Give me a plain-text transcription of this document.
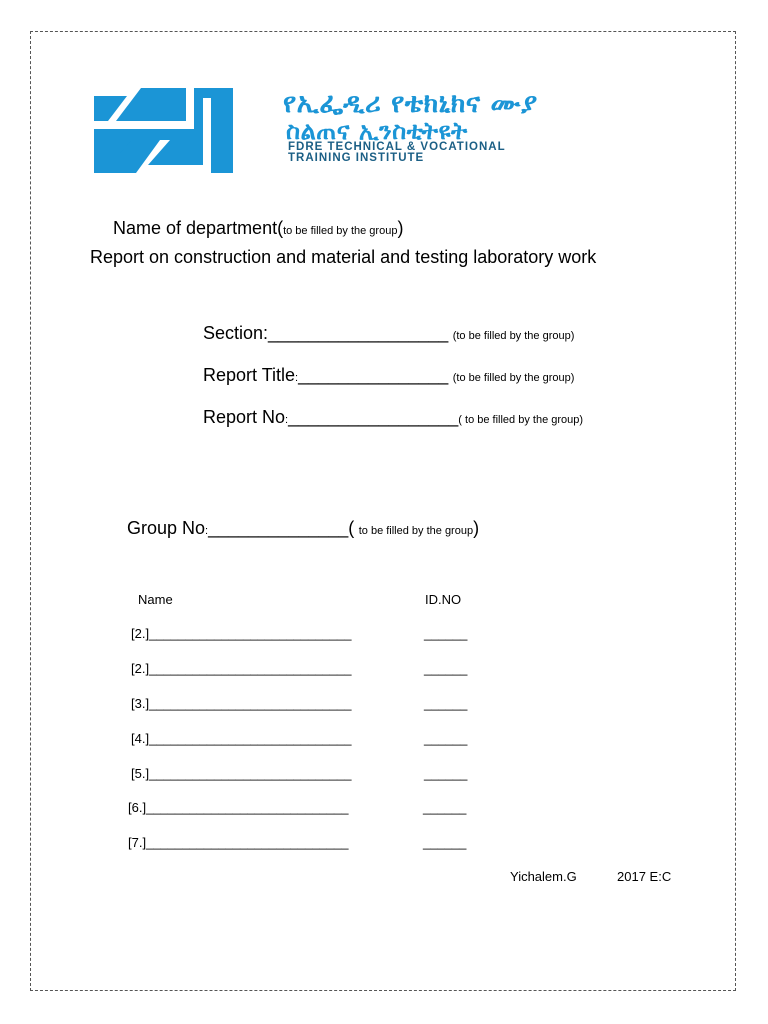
የኢፌዲሪ የቴክኒክና ሙያ
ስልጠና ኢንስቲትዩት
FDRE TECHNICAL & VOCATIONAL
TRAINING INSTITUTE
Name of department(to be filled by the group)
Report on construction and material and testing laboratory work
Section:__________________ (to be filled by the group)
Report Title:_______________ (to be filled by the group)
Report No:_________________( to be filled by the group)
Group No:______________( to be filled by the group)
Name	ID.NO
[2.]____________________________	______
[2.]____________________________	______
[3.]____________________________	______
[4.]____________________________	______
[5.]____________________________	______
[6.]____________________________	______
[7.]____________________________	______
Yichalem.G	2017 E:C
